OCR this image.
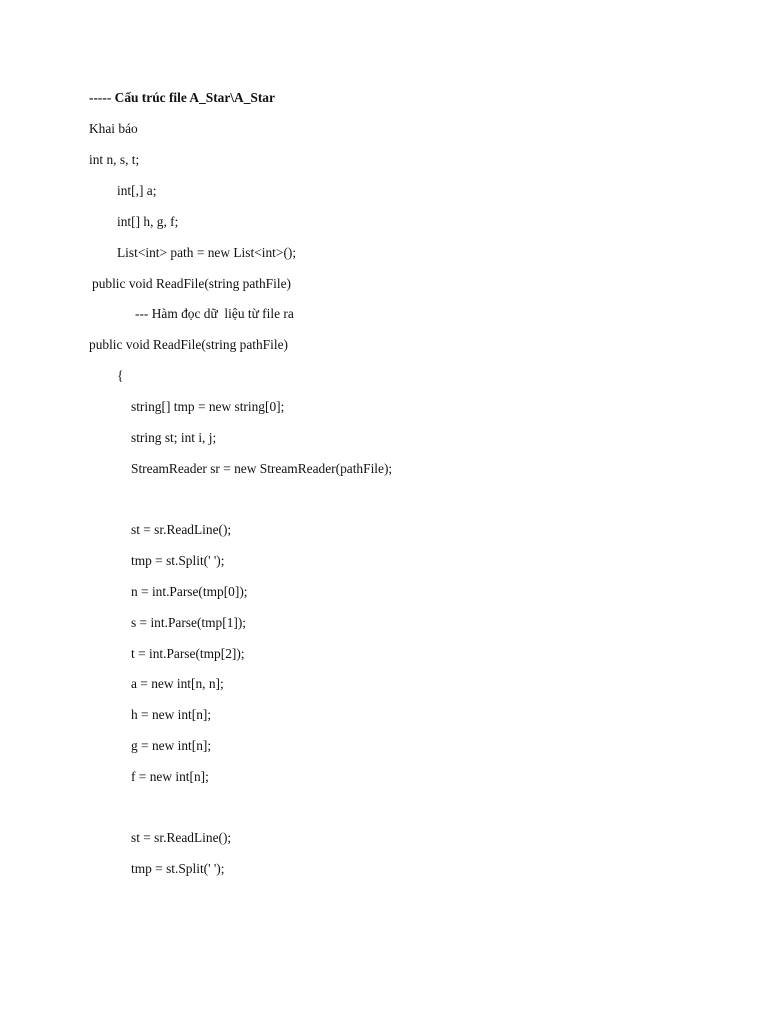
----- Cấu trúc file A_Star\A_Star

Khai báo

int n, s, t;

int[,] a;

int[] h, g, f;

List<int> path = new List<int>();

public void ReadFile(string pathFile)

--- Hàm đọc dữ  liệu từ file ra

public void ReadFile(string pathFile)

{

string[] tmp = new string[0];

string st; int i, j;

StreamReader sr = new StreamReader(pathFile);

st = sr.ReadLine();

tmp = st.Split(' ');

n = int.Parse(tmp[0]);

s = int.Parse(tmp[1]);

t = int.Parse(tmp[2]);

a = new int[n, n];

h = new int[n];

g = new int[n];

f = new int[n];

st = sr.ReadLine();

tmp = st.Split(' ');
